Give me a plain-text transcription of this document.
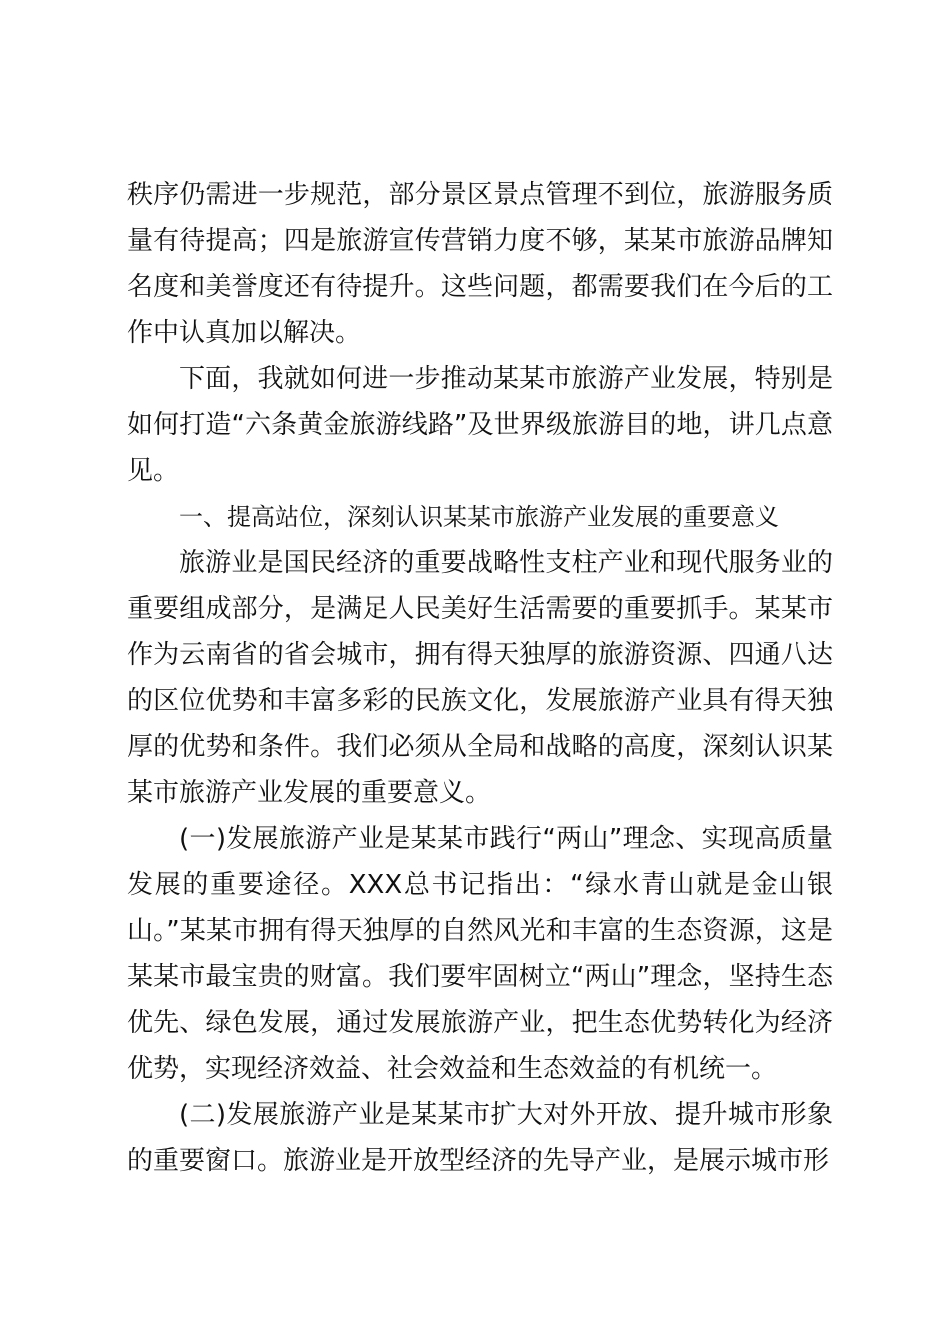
秩序仍需进一步规范，部分景区景点管理不到位，旅游服务质量有待提高；四是旅游宣传营销力度不够，某某市旅游品牌知名度和美誉度还有待提升。这些问题，都需要我们在今后的工作中认真加以解决。

下面，我就如何进一步推动某某市旅游产业发展，特别是如何打造“六条黄金旅游线路”及世界级旅游目的地，讲几点意见。

一、提高站位，深刻认识某某市旅游产业发展的重要意义

旅游业是国民经济的重要战略性支柱产业和现代服务业的重要组成部分，是满足人民美好生活需要的重要抓手。某某市作为云南省的省会城市，拥有得天独厚的旅游资源、四通八达的区位优势和丰富多彩的民族文化，发展旅游产业具有得天独厚的优势和条件。我们必须从全局和战略的高度，深刻认识某某市旅游产业发展的重要意义。

(一)发展旅游产业是某某市践行“两山”理念、实现高质量发展的重要途径。XXX总书记指出：“绿水青山就是金山银山。”某某市拥有得天独厚的自然风光和丰富的生态资源，这是某某市最宝贵的财富。我们要牢固树立“两山”理念，坚持生态优先、绿色发展，通过发展旅游产业，把生态优势转化为经济优势，实现经济效益、社会效益和生态效益的有机统一。

(二)发展旅游产业是某某市扩大对外开放、提升城市形象的重要窗口。旅游业是开放型经济的先导产业，是展示城市形
